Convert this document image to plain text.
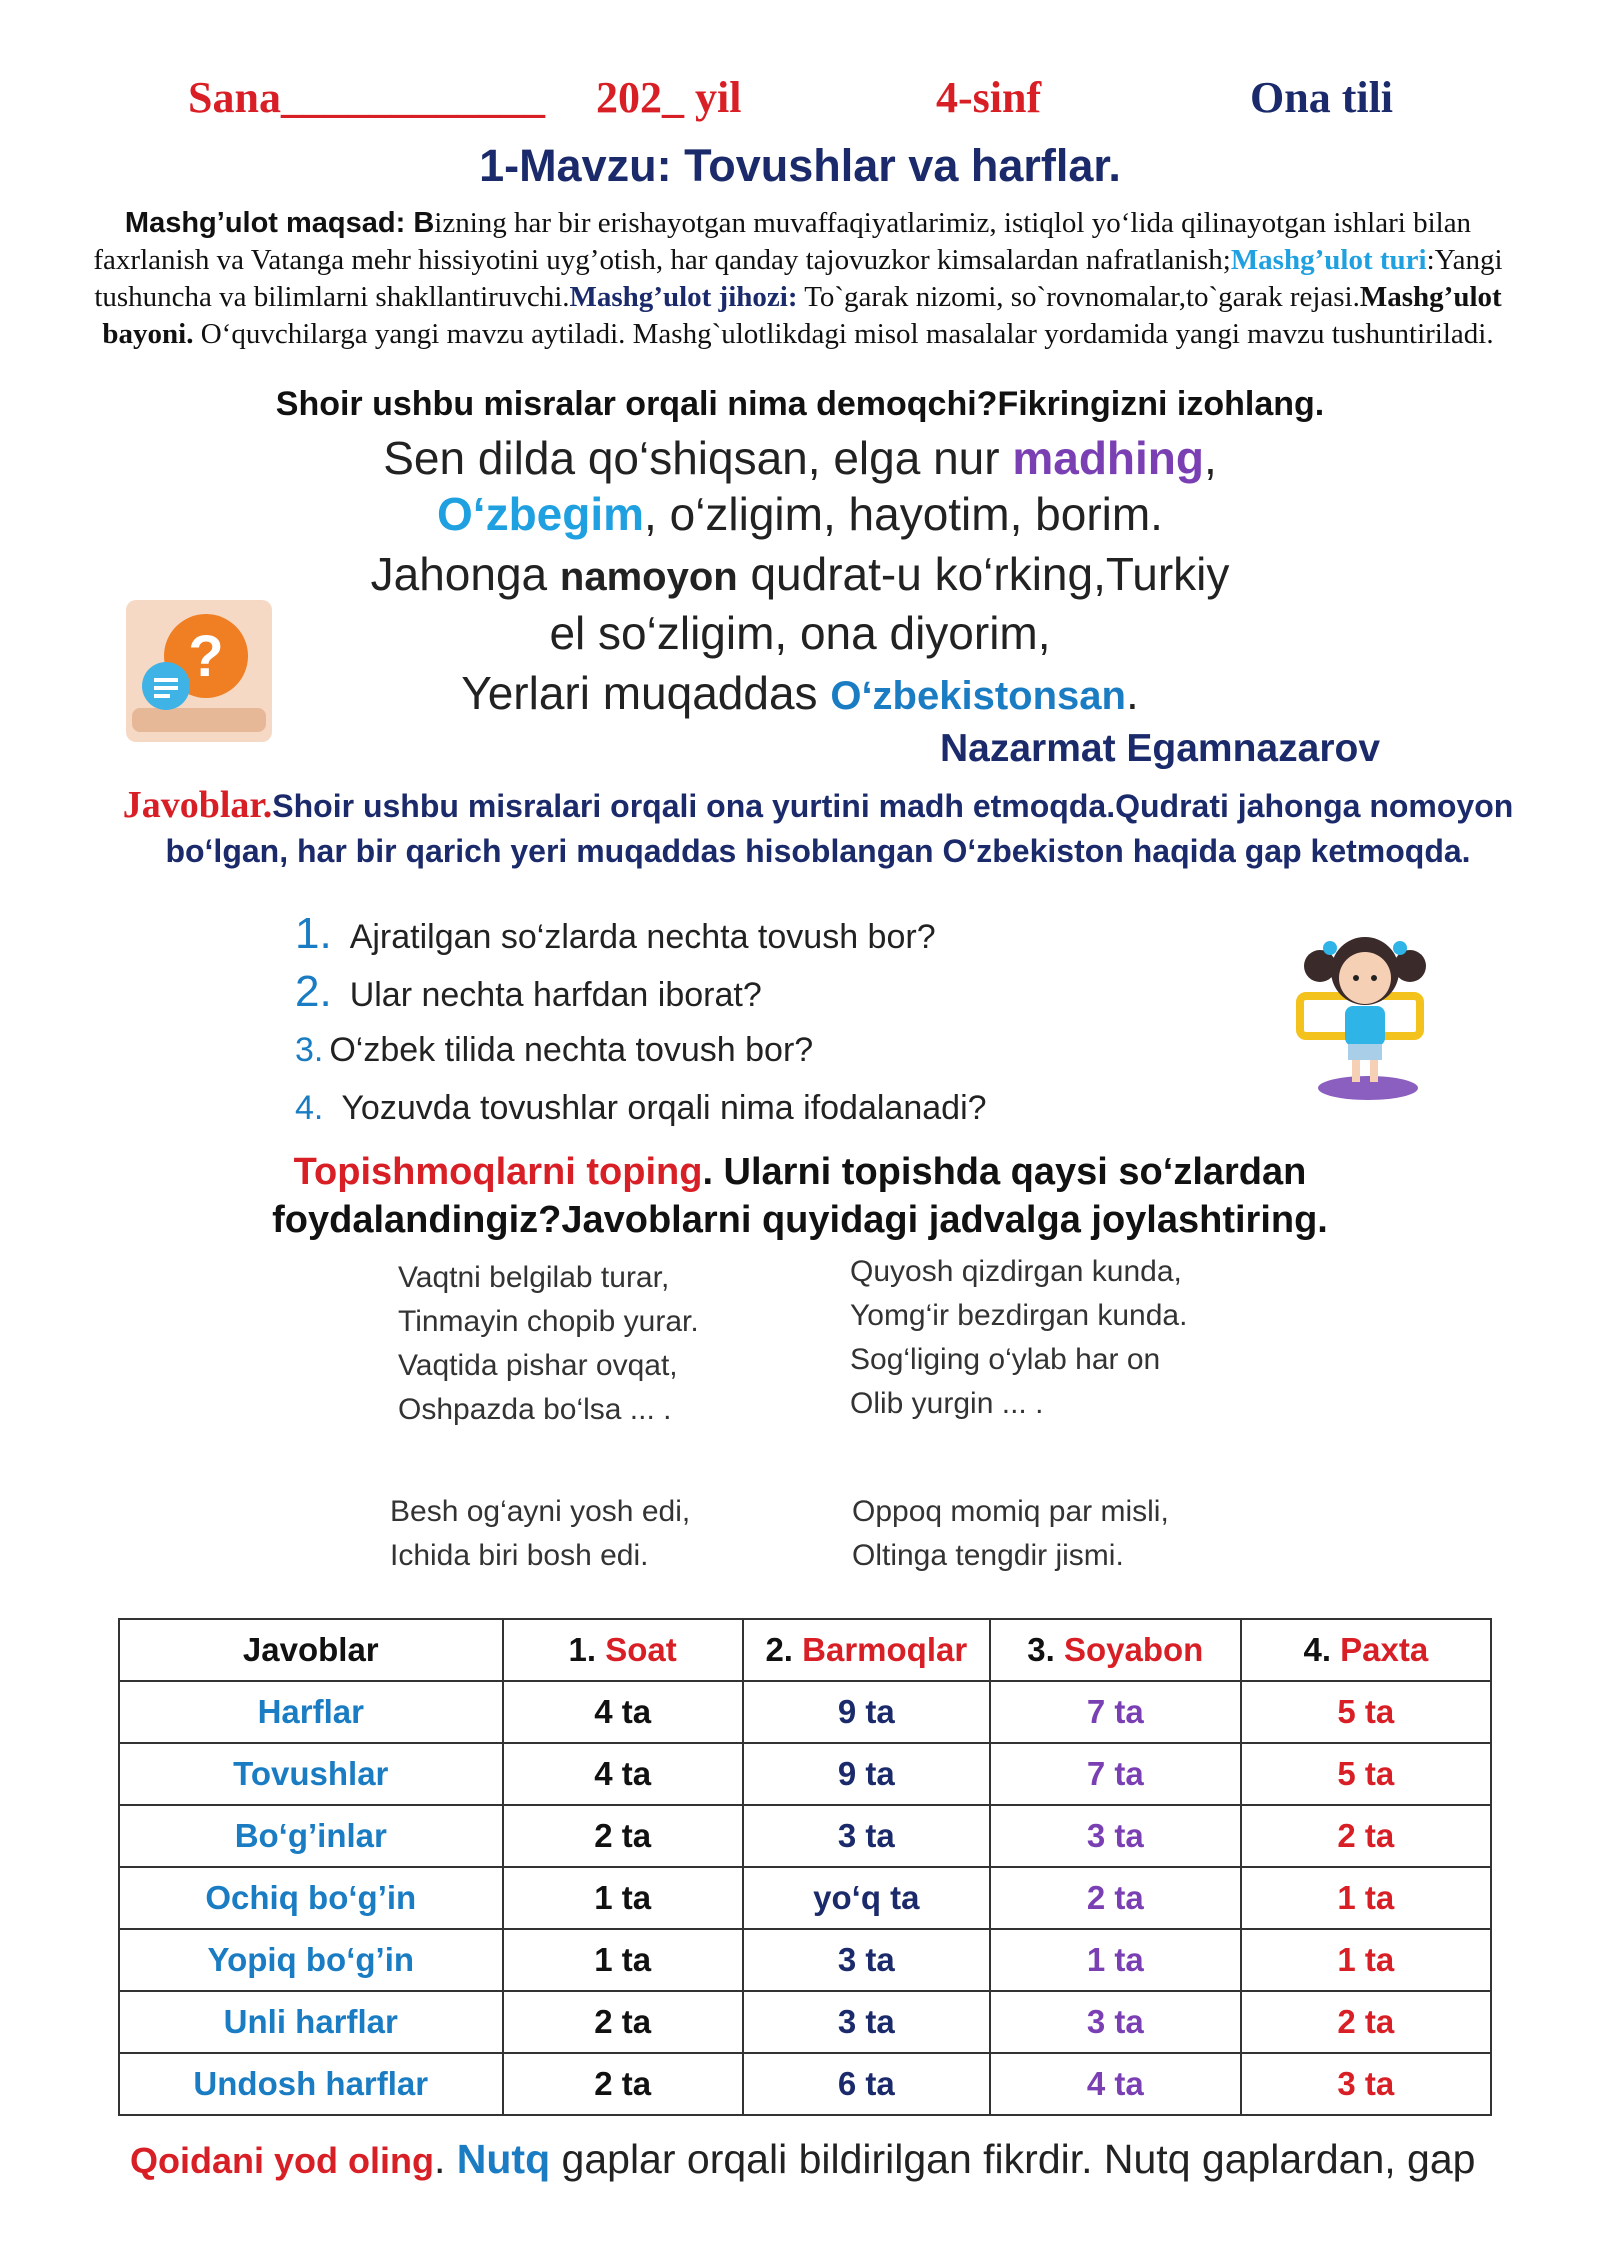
Sana____________ 202_ yil	4-sinf	Ona tili
1-Mavzu: Tovushlar va harflar.
Mashg’ulot maqsad: Bizning har bir erishayotgan muvaffaqiyatlarimiz, istiqlol yo‘lida qilinayotgan ishlari bilan faxrlanish va Vatanga mehr hissiyotini uyg’otish, har qanday tajovuzkor kimsalardan nafratlanish;Mashg’ulot turi:Yangi tushuncha va bilimlarni shakllantiruvchi.Mashg’ulot jihozi: To`garak nizomi, so`rovnomalar,to`garak rejasi.Mashg’ulot bayoni. O‘quvchilarga yangi mavzu aytiladi. Mashg`ulotlikdagi misol masalalar yordamida yangi mavzu tushuntiriladi.
Shoir ushbu misralar orqali nima demoqchi?Fikringizni izohlang.
Sen dilda qo‘shiqsan, elga nur madhing,
O‘zbegim, o‘zligim, hayotim, borim.
Jahonga namoyon qudrat-u ko‘rking,Turkiy
el so‘zligim, ona diyorim,
Yerlari muqaddas O‘zbekistonsan.
?
Nazarmat Egamnazarov
Javoblar.Shoir ushbu misralari orqali ona yurtini madh etmoqda.Qudrati jahonga nomoyon bo‘lgan, har bir qarich yeri muqaddas hisoblangan O‘zbekiston haqida gap ketmoqda.
1. Ajratilgan so‘zlarda nechta tovush bor?
2. Ular nechta harfdan iborat?
3. O‘zbek tilida nechta tovush bor?
4. Yozuvda tovushlar orqali nima ifodalanadi?
Topishmoqlarni toping. Ularni topishda qaysi so‘zlardan
foydalandingiz?Javoblarni quyidagi jadvalga joylashtiring.
Vaqtni belgilab turar,
Tinmayin chopib yurar.
Vaqtida pishar ovqat,
Oshpazda bo‘lsa ... .
Quyosh qizdirgan kunda,
Yomg‘ir bezdirgan kunda.
Sog‘liging o‘ylab har on
Olib yurgin ... .
Besh og‘ayni yosh edi,
Ichida biri bosh edi.
Oppoq momiq par misli,
Oltinga tengdir jismi.
Javoblar	1. Soat	2. Barmoqlar	3. Soyabon	4. Paxta
Harflar	4 ta	9 ta	7 ta	5 ta
Tovushlar	4 ta	9 ta	7 ta	5 ta
Bo‘g’inlar	2 ta	3 ta	3 ta	2 ta
Ochiq bo‘g’in	1 ta	yo‘q ta	2 ta	1 ta
Yopiq bo‘g’in	1 ta	3 ta	1 ta	1 ta
Unli harflar	2 ta	3 ta	3 ta	2 ta
Undosh harflar	2 ta	6 ta	4 ta	3 ta
Qoidani yod oling. Nutq gaplar orqali bildirilgan fikrdir. Nutq gaplardan, gap
